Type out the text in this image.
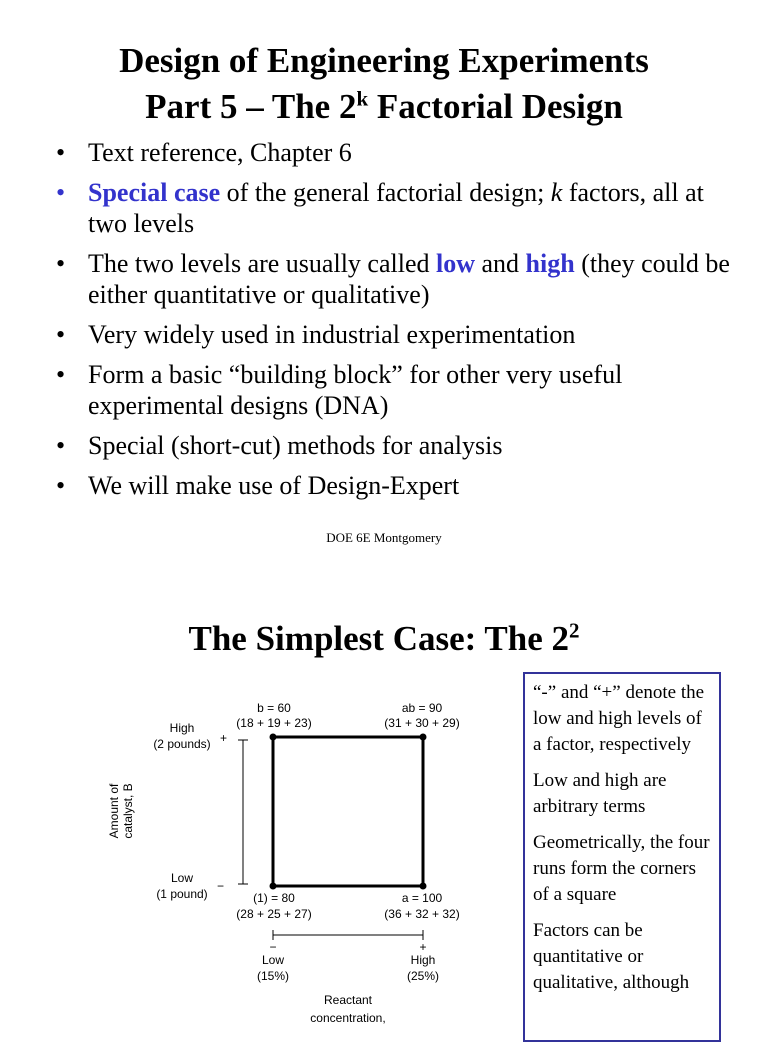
Design of Engineering Experiments
Part 5 – The 2$^k$ Factorial Design
• Text reference, Chapter 6
• Special case of the general factorial design; k factors, all at two levels
• The two levels are usually called low and high (they could be either quantitative or qualitative)
• Very widely used in industrial experimentation
• Form a basic “building block” for other very useful experimental designs (DNA)
• Special (short-cut) methods for analysis
• We will make use of Design-Expert
DOE 6E Montgomery
The Simplest Case: The $2^2$
b = 60
(18 + 19 + 23)
ab = 90
(31 + 30 + 29)
(1) = 80
(28 + 25 + 27)
a = 100
(36 + 32 + 32)
High
(2 pounds) +
Low
(1 pound)
−
Amount of catalyst, B
−	+
Low
(15%)
High
(25%)
Reactant
concentration,

“-” and “+” denote the low and high levels of a factor, respectively

Low and high are arbitrary terms

Geometrically, the four runs form the corners of a square

Factors can be quantitative or qualitative, although
